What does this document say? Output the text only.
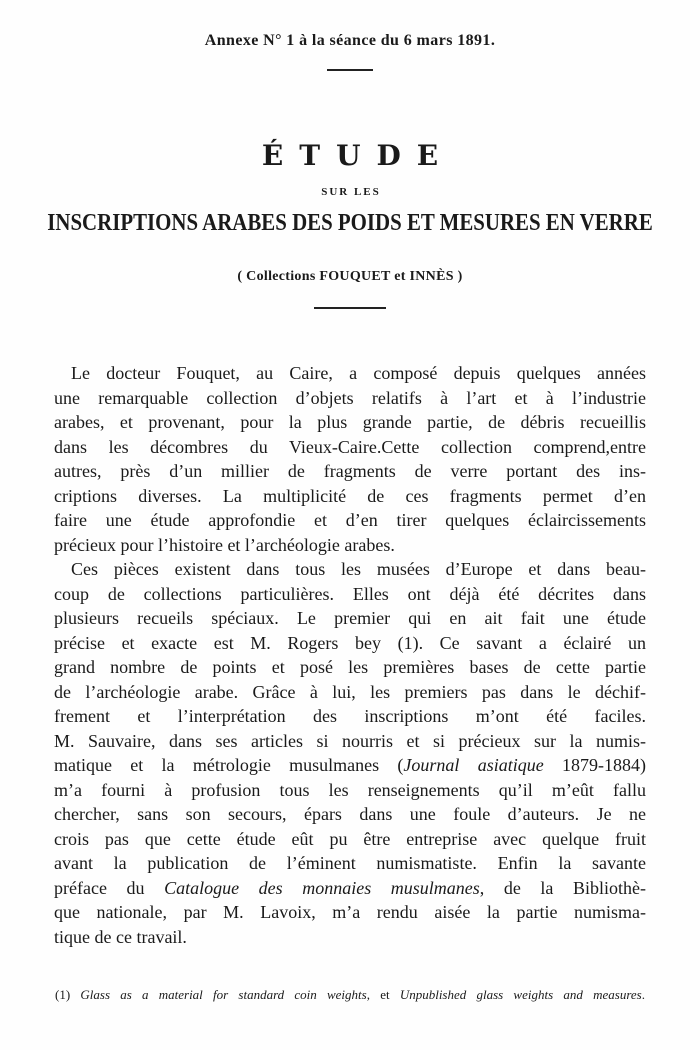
Annexe N° 1 à la séance du 6 mars 1891.
ÉTUDE
SUR LES
INSCRIPTIONS ARABES DES POIDS ET MESURES EN VERRE
( Collections FOUQUET et INNÈS )
Le docteur Fouquet, au Caire, a composé depuis quelques années
une remarquable collection d’objets relatifs à l’art et à l’industrie
arabes, et provenant, pour la plus grande partie, de débris recueillis
dans les décombres du Vieux-Caire.Cette collection comprend,entre
autres, près d’un millier de fragments de verre portant des ins-
criptions diverses. La multiplicité de ces fragments permet d’en
faire une étude approfondie et d’en tirer quelques éclaircissements
précieux pour l’histoire et l’archéologie arabes.
Ces pièces existent dans tous les musées d’Europe et dans beau-
coup de collections particulières. Elles ont déjà été décrites dans
plusieurs recueils spéciaux. Le premier qui en ait fait une étude
précise et exacte est M. Rogers bey (1). Ce savant a éclairé un
grand nombre de points et posé les premières bases de cette partie
de l’archéologie arabe. Grâce à lui, les premiers pas dans le déchif-
frement et l’interprétation des inscriptions m’ont été faciles.
M. Sauvaire, dans ses articles si nourris et si précieux sur la numis-
matique et la métrologie musulmanes (Journal asiatique 1879-1884)
m’a fourni à profusion tous les renseignements qu’il m’eût fallu
chercher, sans son secours, épars dans une foule d’auteurs. Je ne
crois pas que cette étude eût pu être entreprise avec quelque fruit
avant la publication de l’éminent numismatiste. Enfin la savante
préface du Catalogue des monnaies musulmanes, de la Bibliothè-
que nationale, par M. Lavoix, m’a rendu aisée la partie numisma-
tique de ce travail.
(1) Glass as a material for standard coin weights, et Unpublished glass weights and measures.
